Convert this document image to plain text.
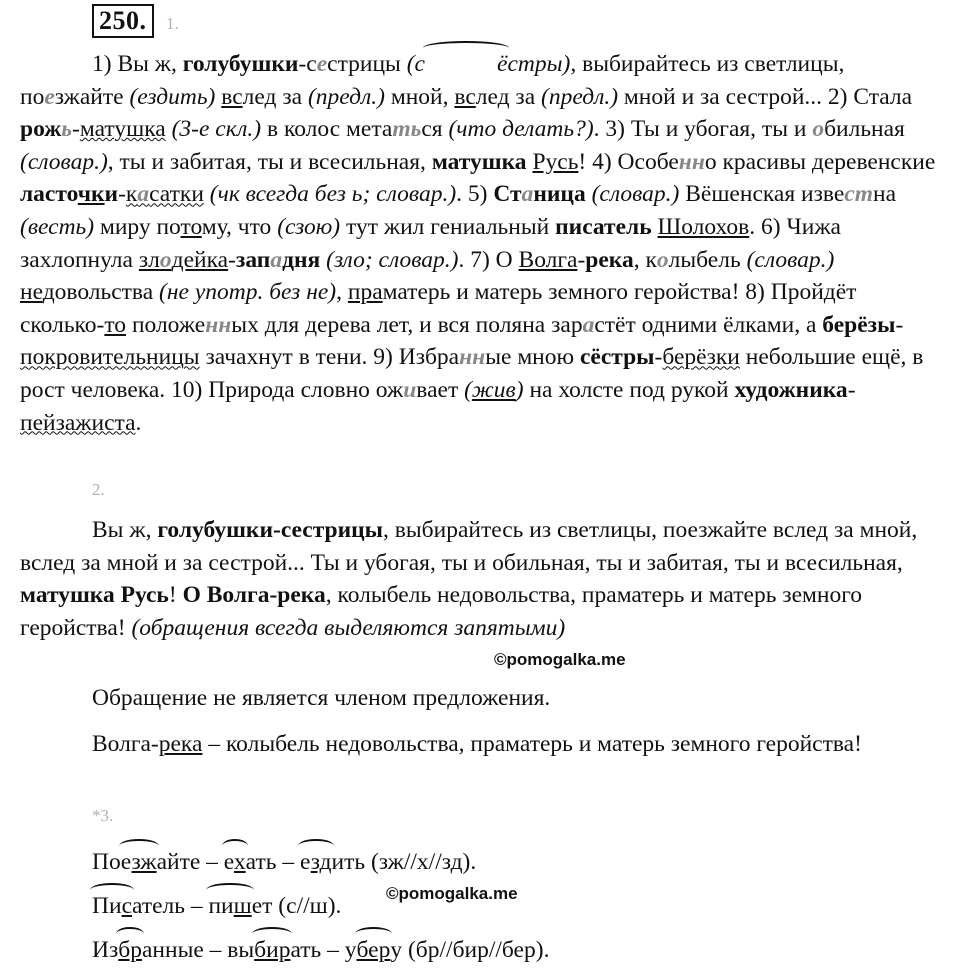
250.	1.

1) Вы ж, голубушки-сестрицы (с	ёстры), выбирайтесь из светлицы, поезжайте (ездить) вслед за (предл.) мной, вслед за (предл.) мной и за сестрой... 2) Стала рожь-матушка (3-е скл.) в колос метаться (что делать?). 3) Ты и убогая, ты и обильная (словар.), ты и забитая, ты и всесильная, матушка Русь! 4) Особенно красивы деревенские ласточки-касатки (чк всегда без ь; словар.). 5) Станица (словар.) Вёшенская известна (весть) миру потому, что (сзою) тут жил гениальный писатель Шолохов. 6) Чижа захлопнула злодейка-западня (зло; словар.). 7) О Волга-река, колыбель (словар.) недовольства (не употр. без не), праматерь и матерь земного геройства! 8) Пройдёт сколько-то положенных для дерева лет, и вся поляна зарастёт одними ёлками, а берёзы-покровительницы зачахнут в тени. 9) Избранные мною сёстры-берёзки небольшие ещё, в рост человека. 10) Природа словно оживает (жив) на холсте под рукой художника-пейзажиста.

2.

Вы ж, голубушки-сестрицы, выбирайтесь из светлицы, поезжайте вслед за мной, вслед за мной и за сестрой... Ты и убогая, ты и обильная, ты и забитая, ты и всесильная, матушка Русь! О Волга-река, колыбель недовольства, праматерь и матерь земного геройства! (обращения всегда выделяются запятыми)

©pomogalka.me

Обращение не является членом предложения.

Волга-река – колыбель недовольства, праматерь и матерь земного геройства!

*3.
Поезжайте – ехать – ездить (зж//х//зд).
Писатель – пишет (с//ш).	©pomogalka.me
Избранные – выбирать – уберу (бр//бир//бер).
